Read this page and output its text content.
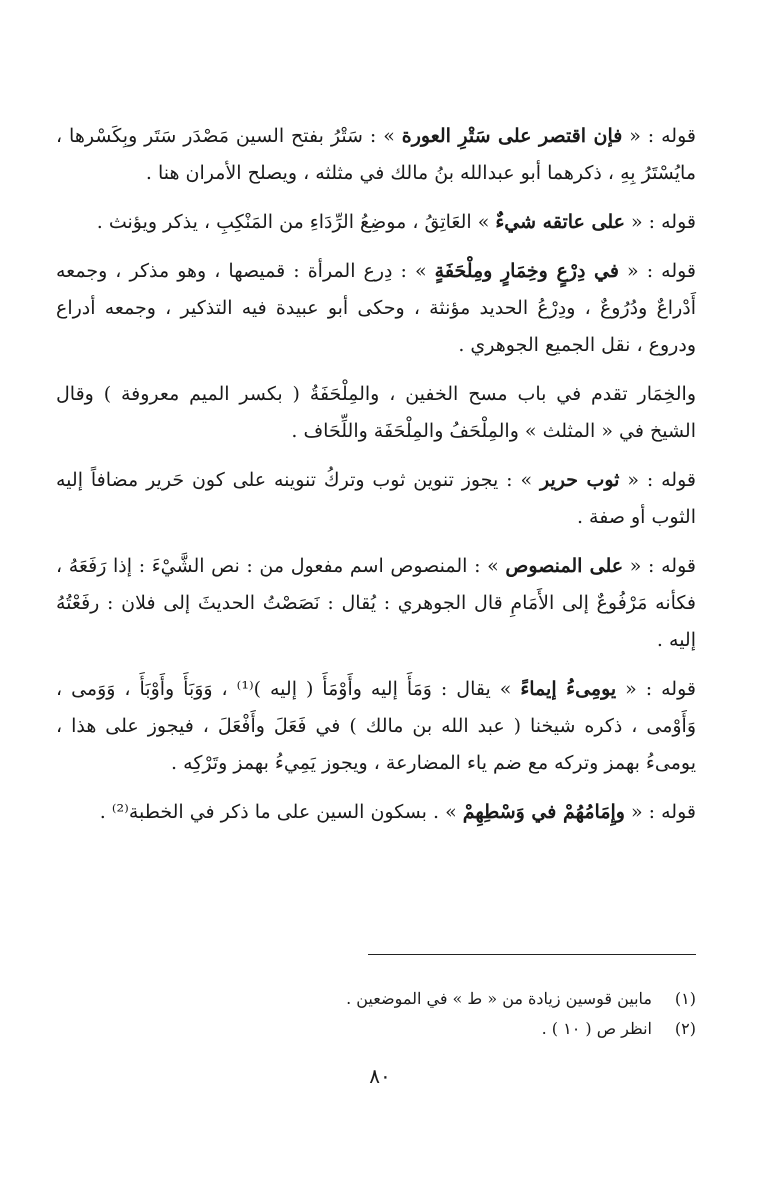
قوله : « فإن اقتصر على سَتْرِ العورة » : سَتْرُ بفتح السين مَصْدَر سَتَر وبِكَسْرها ، مايُسْتَرُ بِهِ ، ذكرهما أبو عبدالله بنُ مالك في مثلثه ، ويصلح الأمران هنا .

قوله : « على عاتقه شيءٌ » العَاتِقُ ، موضِعُ الرِّدَاءِ من المَنْكِبِ ، يذكر ويؤنث .

قوله : « في دِرْعٍ وخِمَارٍ ومِلْحَفَةٍ » : دِرع المرأة : قميصها ، وهو مذكر ، وجمعه أَدْراعٌ ودُرُوعٌ ، ودِرْعُ الحديد مؤنثة ، وحكى أبو عبيدة فيه التذكير ، وجمعه أدراع ودروع ، نقل الجميع الجوهري .

والخِمَار تقدم في باب مسح الخفين ، والمِلْحَفَةُ ( بكسر الميم معروفة ) وقال الشيخ في « المثلث » والمِلْحَفُ والمِلْحَفَة واللِّحَاف .

قوله : « ثوب حرير » : يجوز تنوين ثوب وتركُ تنوينه على كون حَرير مضافاً إليه الثوب أو صفة .

قوله : « على المنصوص » : المنصوص اسم مفعول من : نص الشَّيْءَ : إذا رَفَعَهُ ، فكأنه مَرْفُوعٌ إلى الأَمَامِ قال الجوهري : يُقال : نَصَصْتُ الحديثَ إلى فلان : رفَعْتُهُ إليه .

قوله : « يومِىءُ إيماءً » يقال : وَمَأَ إليه وأَوْمَأَ ( إليه )⁽¹⁾ ، وَوَبَأَ وأَوْبَأَ ، وَوَمى ، وَأَوْمى ، ذكره شيخنا ( عبد الله بن مالك ) في فَعَلَ وأَفْعَلَ ، فيجوز على هذا ، يومىءُ بهمز وتركه مع ضم ياء المضارعة ، ويجوز يَمِيءُ بهمز وتَرْكِه .

قوله : « وإِمَامُهُمْ في وَسْطِهِمْ » . بسكون السين على ما ذكر في الخطبة⁽²⁾ .

(١)
مابين قوسين زيادة من « ط » في الموضعين .
(٢)
انظر ص ( ١٠ ) .
٨٠
